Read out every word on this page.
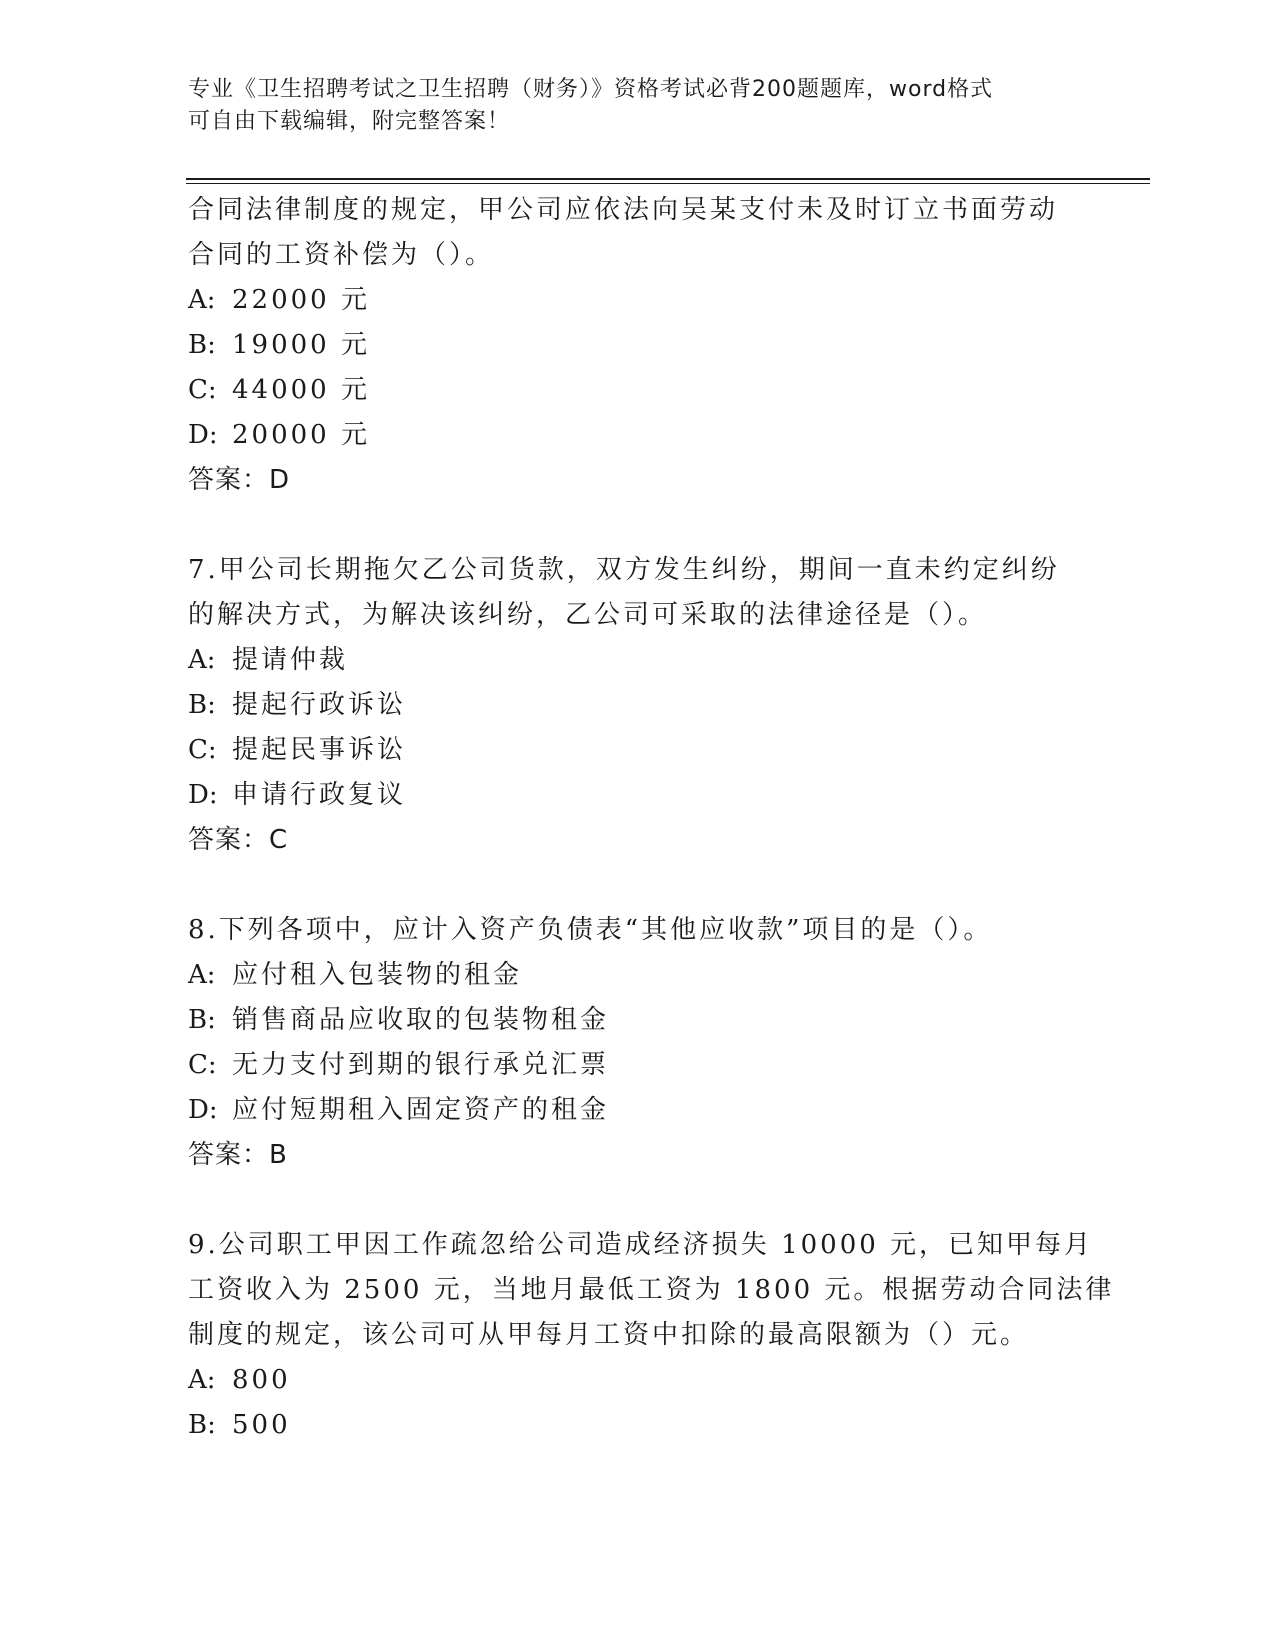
专业《卫生招聘考试之卫生招聘（财务）》资格考试必背200题题库，word格式
可自由下载编辑，附完整答案！
合同法律制度的规定，甲公司应依法向吴某支付未及时订立书面劳动
合同的工资补偿为（）。
A: 22000 元
B: 19000 元
C: 44000 元
D: 20000 元
答案：D
7.甲公司长期拖欠乙公司货款，双方发生纠纷，期间一直未约定纠纷
的解决方式，为解决该纠纷，乙公司可采取的法律途径是（）。
A: 提请仲裁
B: 提起行政诉讼
C: 提起民事诉讼
D: 申请行政复议
答案：C
8.下列各项中，应计入资产负债表“其他应收款”项目的是（）。
A: 应付租入包装物的租金
B: 销售商品应收取的包装物租金
C: 无力支付到期的银行承兑汇票
D: 应付短期租入固定资产的租金
答案：B
9.公司职工甲因工作疏忽给公司造成经济损失 10000 元，已知甲每月
工资收入为 2500 元，当地月最低工资为 1800 元。根据劳动合同法律
制度的规定，该公司可从甲每月工资中扣除的最高限额为（）元。
A: 800
B: 500
